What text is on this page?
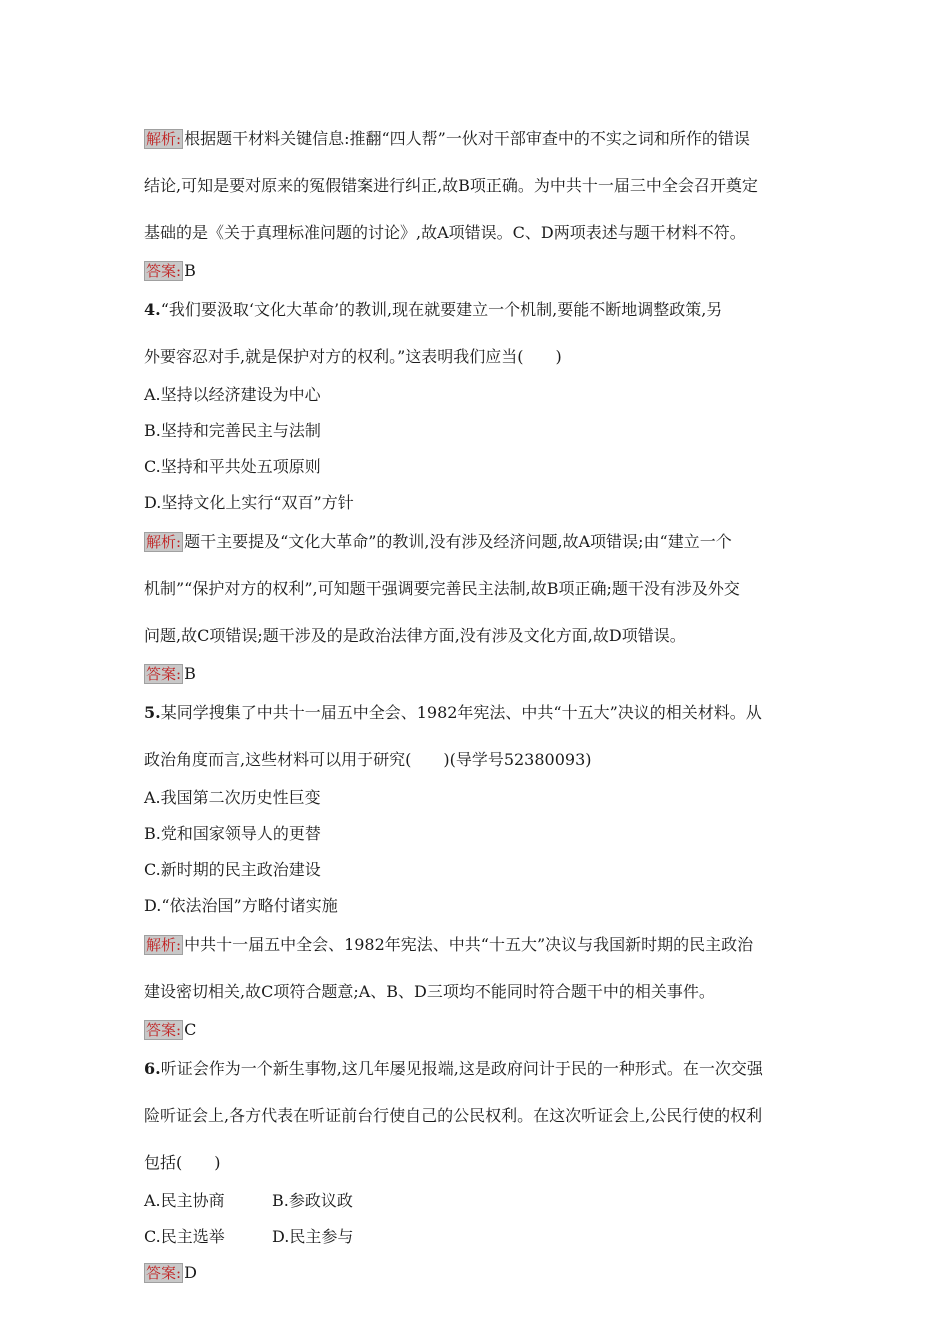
解析: 根据题干材料关键信息:推翻“四人帮”一伙对干部审查中的不实之词和所作的错误
结论,可知是要对原来的冤假错案进行纠正,故B项正确。为中共十一届三中全会召开奠定
基础的是《关于真理标准问题的讨论》,故A项错误。C、D两项表述与题干材料不符。
答案: B
4.“我们要汲取‘文化大革命’的教训,现在就要建立一个机制,要能不断地调整政策,另
外要容忍对手,就是保护对方的权利。”这表明我们应当(　　)
A.坚持以经济建设为中心
B.坚持和完善民主与法制
C.坚持和平共处五项原则
D.坚持文化上实行“双百”方针
解析: 题干主要提及“文化大革命”的教训,没有涉及经济问题,故A项错误;由“建立一个
机制”“保护对方的权利”,可知题干强调要完善民主法制,故B项正确;题干没有涉及外交
问题,故C项错误;题干涉及的是政治法律方面,没有涉及文化方面,故D项错误。
答案: B
5.某同学搜集了中共十一届五中全会、1982年宪法、中共“十五大”决议的相关材料。从
政治角度而言,这些材料可以用于研究(　　)(导学号52380093)
A.我国第二次历史性巨变
B.党和国家领导人的更替
C.新时期的民主政治建设
D.“依法治国”方略付诸实施
解析: 中共十一届五中全会、1982年宪法、中共“十五大”决议与我国新时期的民主政治
建设密切相关,故C项符合题意;A、B、D三项均不能同时符合题干中的相关事件。
答案: C
6.听证会作为一个新生事物,这几年屡见报端,这是政府问计于民的一种形式。在一次交强
险听证会上,各方代表在听证前台行使自己的公民权利。在这次听证会上,公民行使的权利
包括(　　)
A.民主协商	B.参政议政
C.民主选举	D.民主参与
答案: D
